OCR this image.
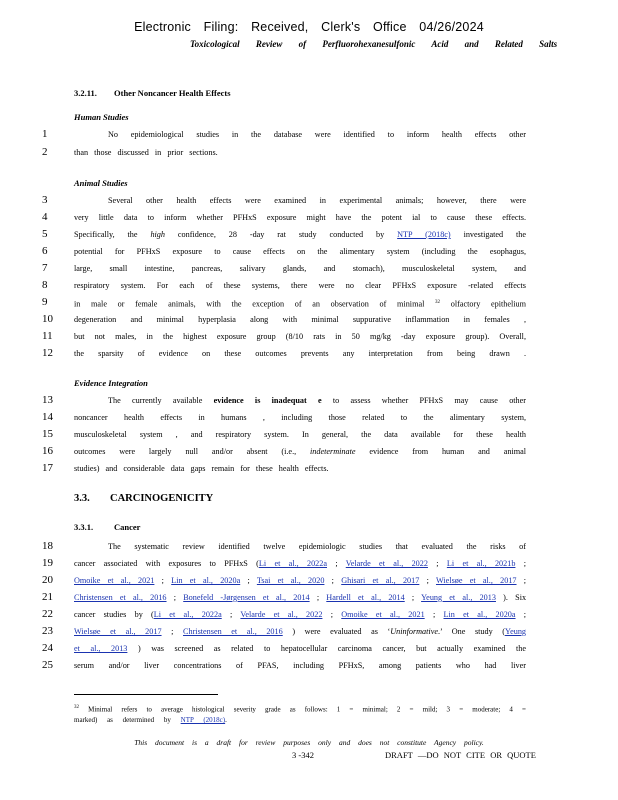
Electronic Filing: Received, Clerk's Office 04/26/2024
Toxicological Review of Perfluorohexanesulfonic Acid and Related Salts
3.2.11. Other Noncancer Health Effects
Human Studies
1	No epidemiological studies in the database were identified to inform health effects other
2	than those discussed in prior sections.
Animal Studies
3	Several other health effects were examined in experimental animals; however, there were
4	very little data to inform whether PFHxS exposure might have the potent ial to cause these effects.
5	Specifically, the high confidence, 28 -day rat study conducted by NTP (2018c) investigated the
6	potential for PFHxS exposure to cause effects on the alimentary system (including the esophagus,
7	large, small intestine, pancreas, salivary glands, and stomach), musculoskeletal system, and
8	respiratory system. For each of these systems, there were no clear PFHxS exposure -related effects
9	in male or female animals, with the exception of an observation of minimal $^{32}$ olfactory epithelium
10	degeneration and minimal hyperplasia along with minimal suppurative inflammation in females ,
11	but not males, in the highest exposure group (8/10 rats in 50 mg/kg -day exposure group). Overall,
12	the sparsity of evidence on these outcomes prevents any interpretation from being drawn .
Evidence Integration
13	The currently available evidence is inadequat e to assess whether PFHxS may cause other
14	noncancer health effects in humans , including those related to the alimentary system,
15	musculoskeletal system , and respiratory system. In general, the data available for these health
16	outcomes were largely null and/or absent (i.e., indeterminate evidence from human and animal
17	studies) and considerable data gaps remain for these health effects.
3.3. CARCINOGENICITY
3.3.1. Cancer
18	The systematic review identified twelve epidemiologic studies that evaluated the risks of
19	cancer associated with exposures to PFHxS (Li et al., 2022a ; Velarde et al., 2022 ; Li et al., 2021b ;
20	Omoike et al., 2021 ; Lin et al., 2020a ; Tsai et al., 2020 ; Ghisari et al., 2017 ; Wielsøe et al., 2017 ;
21	Christensen et al., 2016 ; Bonefeld -Jørgensen et al., 2014 ; Hardell et al., 2014 ; Yeung et al., 2013 ). Six
22	cancer studies by (Li et al., 2022a ; Velarde et al., 2022 ; Omoike et al., 2021 ; Lin et al., 2020a ;
23	Wielsøe et al., 2017 ; Christensen et al., 2016 ) were evaluated as ‘Uninformative.’ One study (Yeung
24	et al., 2013 ) was screened as related to hepatocellular carcinoma cancer, but actually examined the
25	serum and/or liver concentrations of PFAS, including PFHxS, among patients who had liver
$^{32}$ Minimal refers to average histological severity grade as follows: 1 = minimal; 2 = mild; 3 = moderate; 4 =
marked) as determined by NTP (2018c).
This document is a draft for review purposes only and does not constitute Agency policy.
3 -342	DRAFT —DO NOT CITE OR QUOTE
